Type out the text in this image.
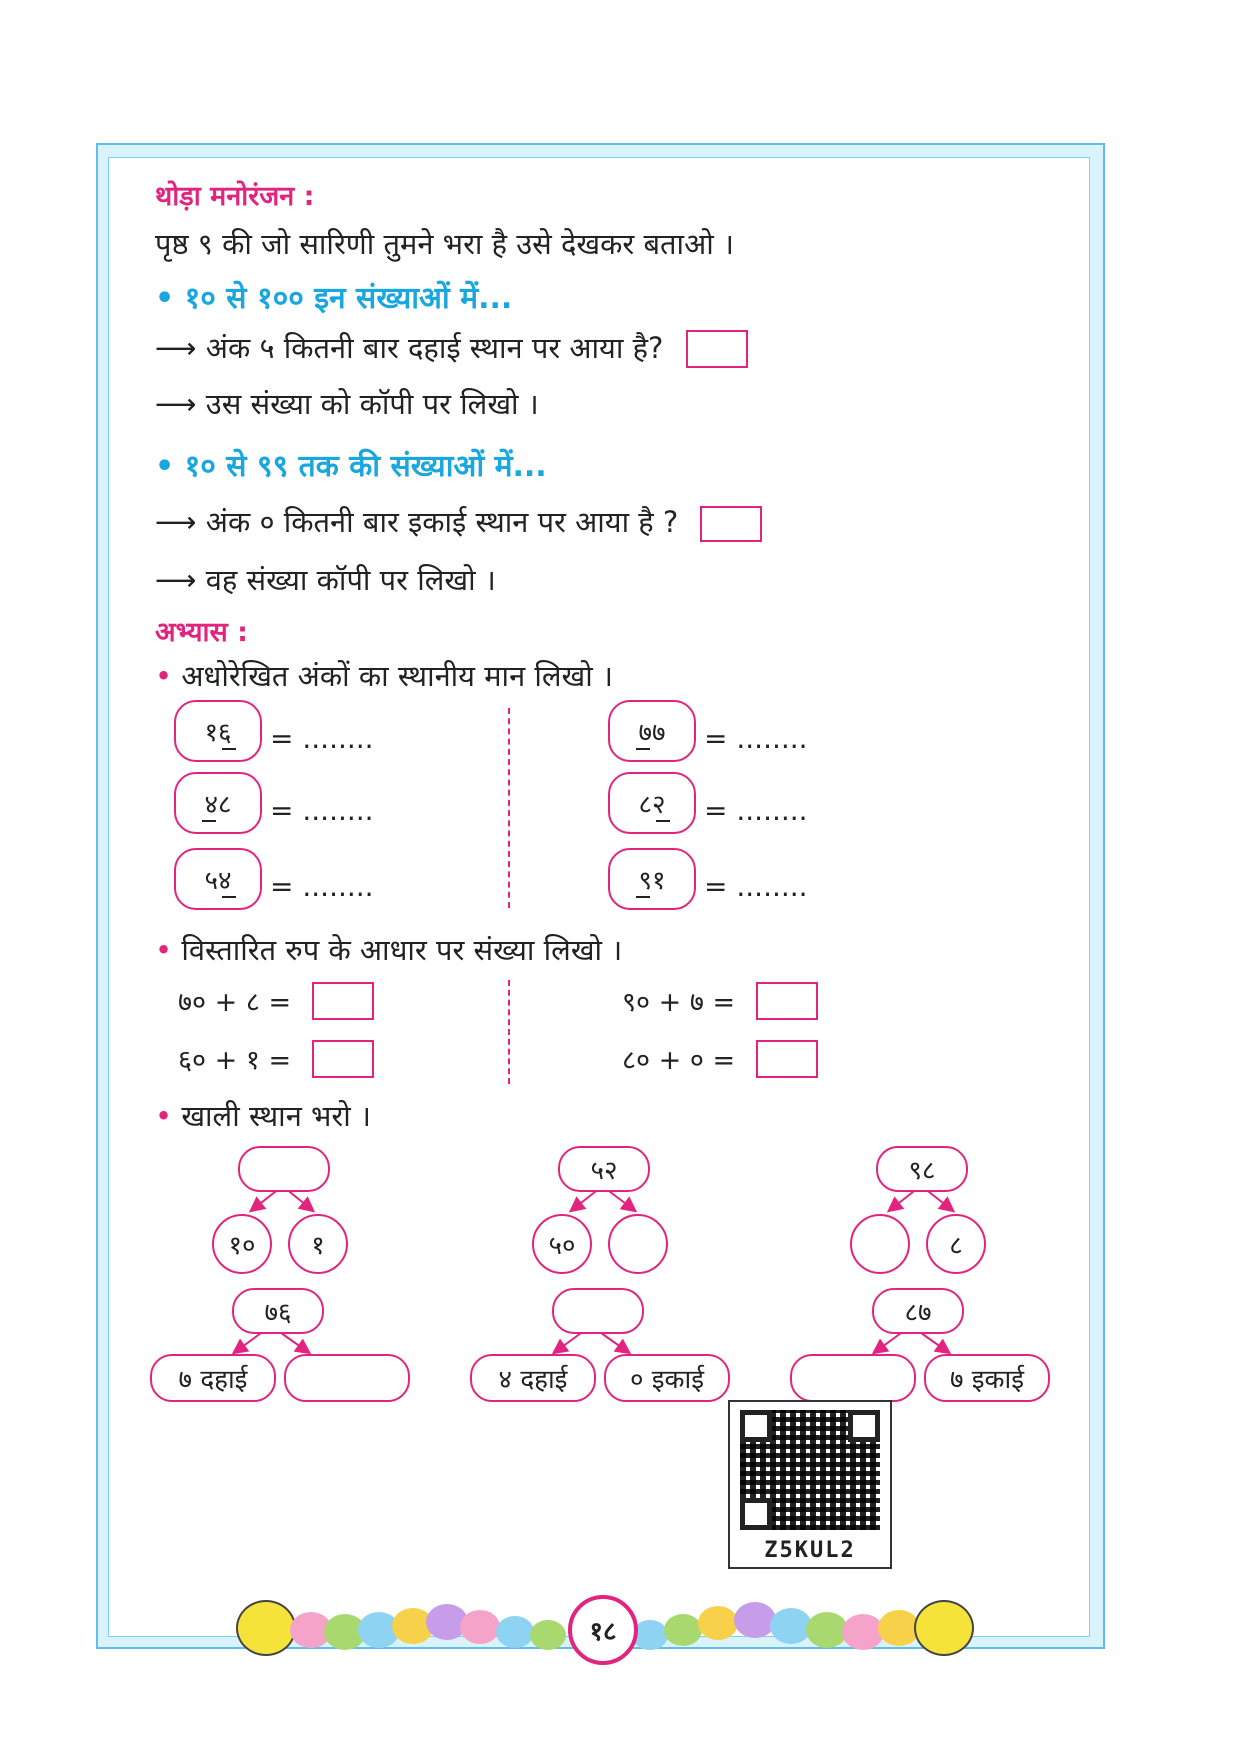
थोड़ा मनोरंजन :
पृष्ठ ९ की जो सारिणी तुमने भरा है उसे देखकर बताओ ।
• १० से १०० इन संख्याओं में...
⟶ अंक ५ कितनी बार दहाई स्थान पर आया है?
⟶ उस संख्या को कॉपी पर लिखो ।
• १० से ९९ तक की संख्याओं में...
⟶ अंक ० कितनी बार इकाई स्थान पर आया है ?
⟶ वह संख्या कॉपी पर लिखो ।
अभ्यास :
• अधोरेखित अंकों का स्थानीय मान लिखो ।
१६ = ........
४८ = ........
५४ = ........
७७ = ........
८२ = ........
९१ = ........
• विस्तारित रुप के आधार पर संख्या लिखो ।
७० + ८ =
६० + १ =
९० + ७ =
८० + ० =
• खाली स्थान भरो ।
१०	१
५२
५०
९८
८
७६
७ दहाई	४ दहाई	० इकाई
८७
७ इकाई
Z5KUL2
१८
